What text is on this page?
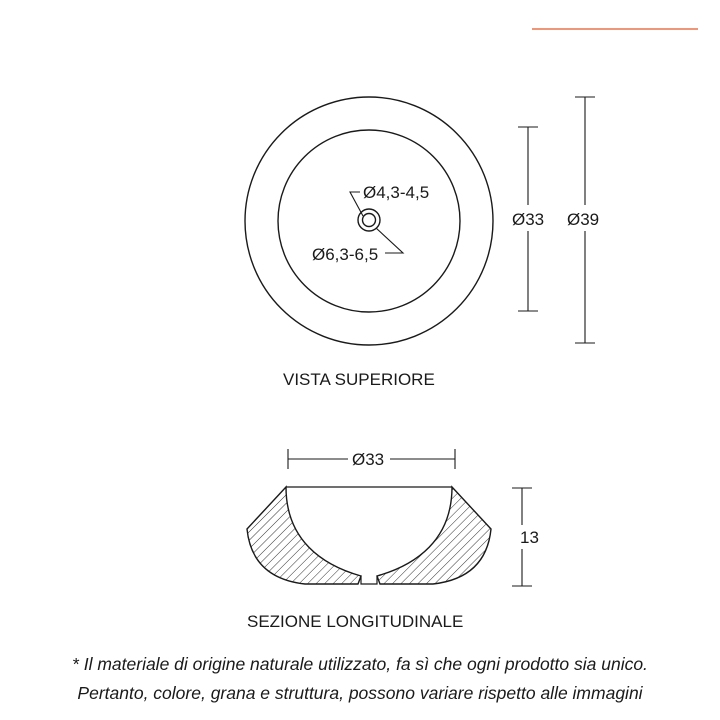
Ø4,3-4,5
Ø6,3-6,5
Ø33 Ø39
Ø33
13
VISTA SUPERIORE
SEZIONE LONGITUDINALE
* Il materiale di origine naturale utilizzato, fa sì che ogni prodotto sia unico.
Pertanto, colore, grana e struttura, possono variare rispetto alle immagini
